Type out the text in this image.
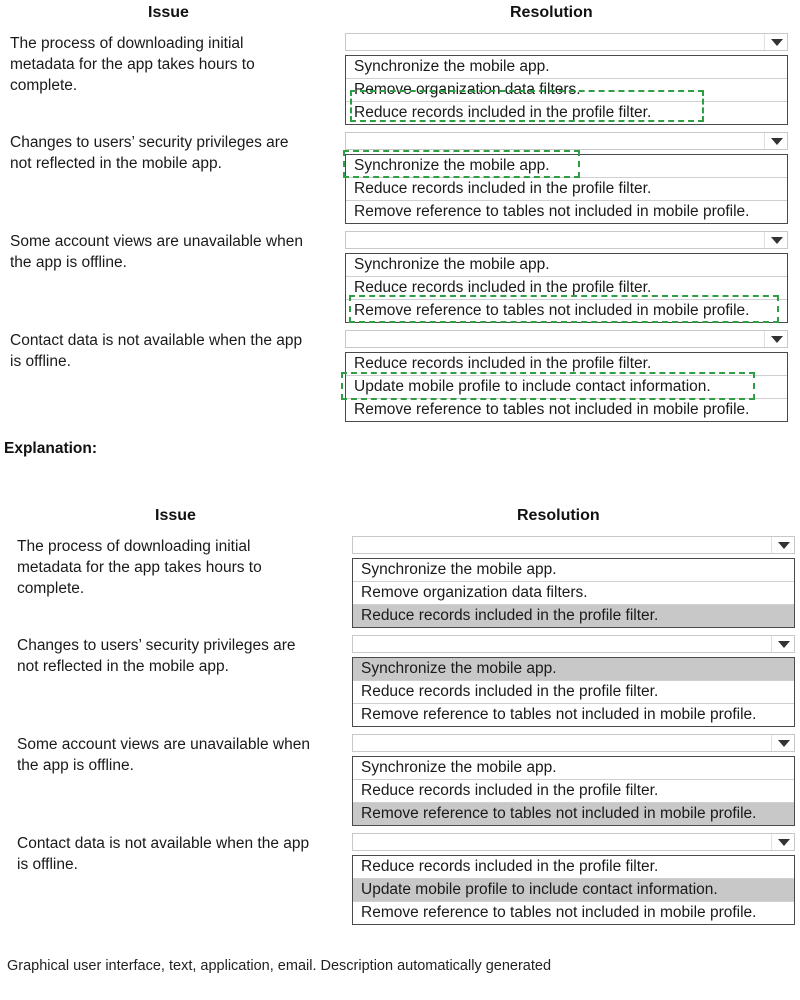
Issue	Resolution
The process of downloading initial
metadata for the app takes hours to
complete.
Synchronize the mobile app.
Remove organization data filters.
Reduce records included in the profile filter.
Changes to users’ security privileges are
not reflected in the mobile app.	Synchronize the mobile app.
Reduce records included in the profile filter.
Remove reference to tables not included in mobile profile.
Some account views are unavailable when
the app is offline.	Synchronize the mobile app.
Reduce records included in the profile filter.
Remove reference to tables not included in mobile profile.
Contact data is not available when the app
is offline.	Reduce records included in the profile filter.
Update mobile profile to include contact information.
Remove reference to tables not included in mobile profile.
Explanation:
Issue	Resolution
The process of downloading initial
metadata for the app takes hours to
complete.
Synchronize the mobile app.
Remove organization data filters.
Reduce records included in the profile filter.
Changes to users’ security privileges are
not reflected in the mobile app.	Synchronize the mobile app.
Reduce records included in the profile filter.
Remove reference to tables not included in mobile profile.
Some account views are unavailable when
the app is offline.	Synchronize the mobile app.
Reduce records included in the profile filter.
Remove reference to tables not included in mobile profile.
Contact data is not available when the app
is offline.	Reduce records included in the profile filter.
Update mobile profile to include contact information.
Remove reference to tables not included in mobile profile.
Graphical user interface, text, application, email. Description automatically generated
